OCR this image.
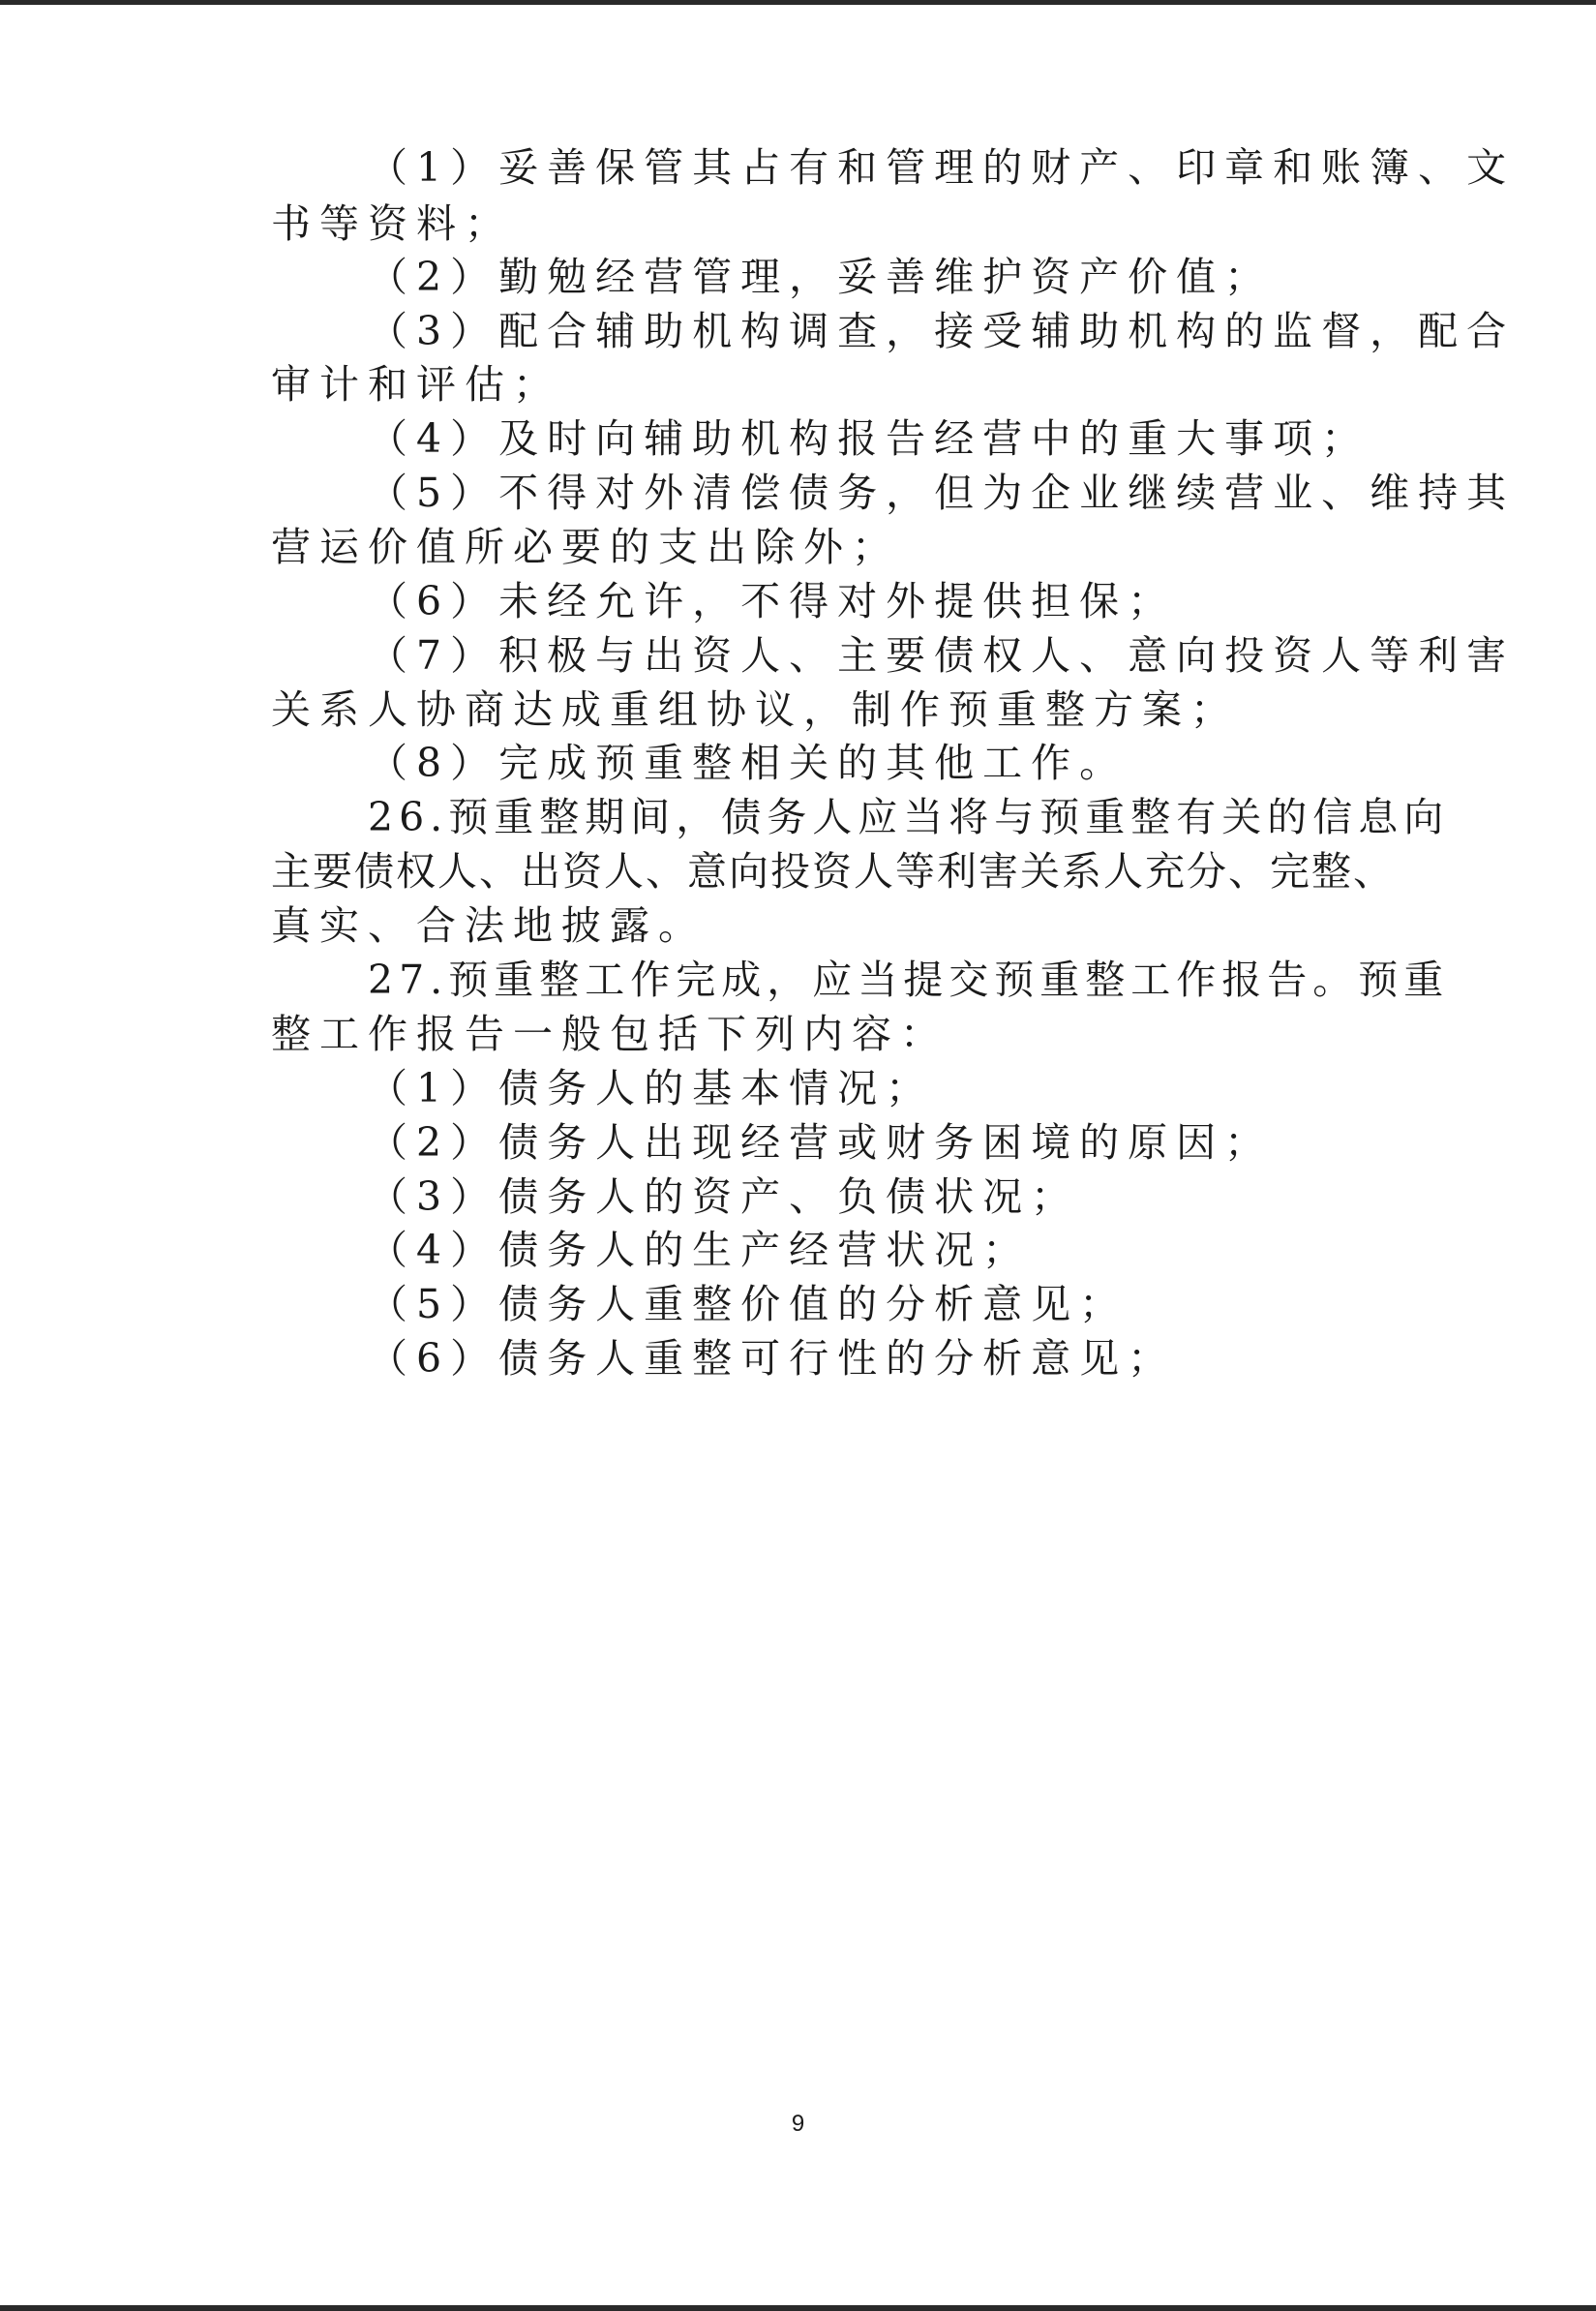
（1）妥善保管其占有和管理的财产、印章和账簿、文
书等资料；
（2）勤勉经营管理，妥善维护资产价值；
（3）配合辅助机构调查，接受辅助机构的监督，配合
审计和评估；
（4）及时向辅助机构报告经营中的重大事项；
（5）不得对外清偿债务，但为企业继续营业、维持其
营运价值所必要的支出除外；
（6）未经允许，不得对外提供担保；
（7）积极与出资人、主要债权人、意向投资人等利害
关系人协商达成重组协议，制作预重整方案；
（8）完成预重整相关的其他工作。
26.预重整期间，债务人应当将与预重整有关的信息向
主要债权人、出资人、意向投资人等利害关系人充分、完整、
真实、合法地披露。
27.预重整工作完成，应当提交预重整工作报告。预重
整工作报告一般包括下列内容：
（1）债务人的基本情况；
（2）债务人出现经营或财务困境的原因；
（3）债务人的资产、负债状况；
（4）债务人的生产经营状况；
（5）债务人重整价值的分析意见；
（6）债务人重整可行性的分析意见；
9
